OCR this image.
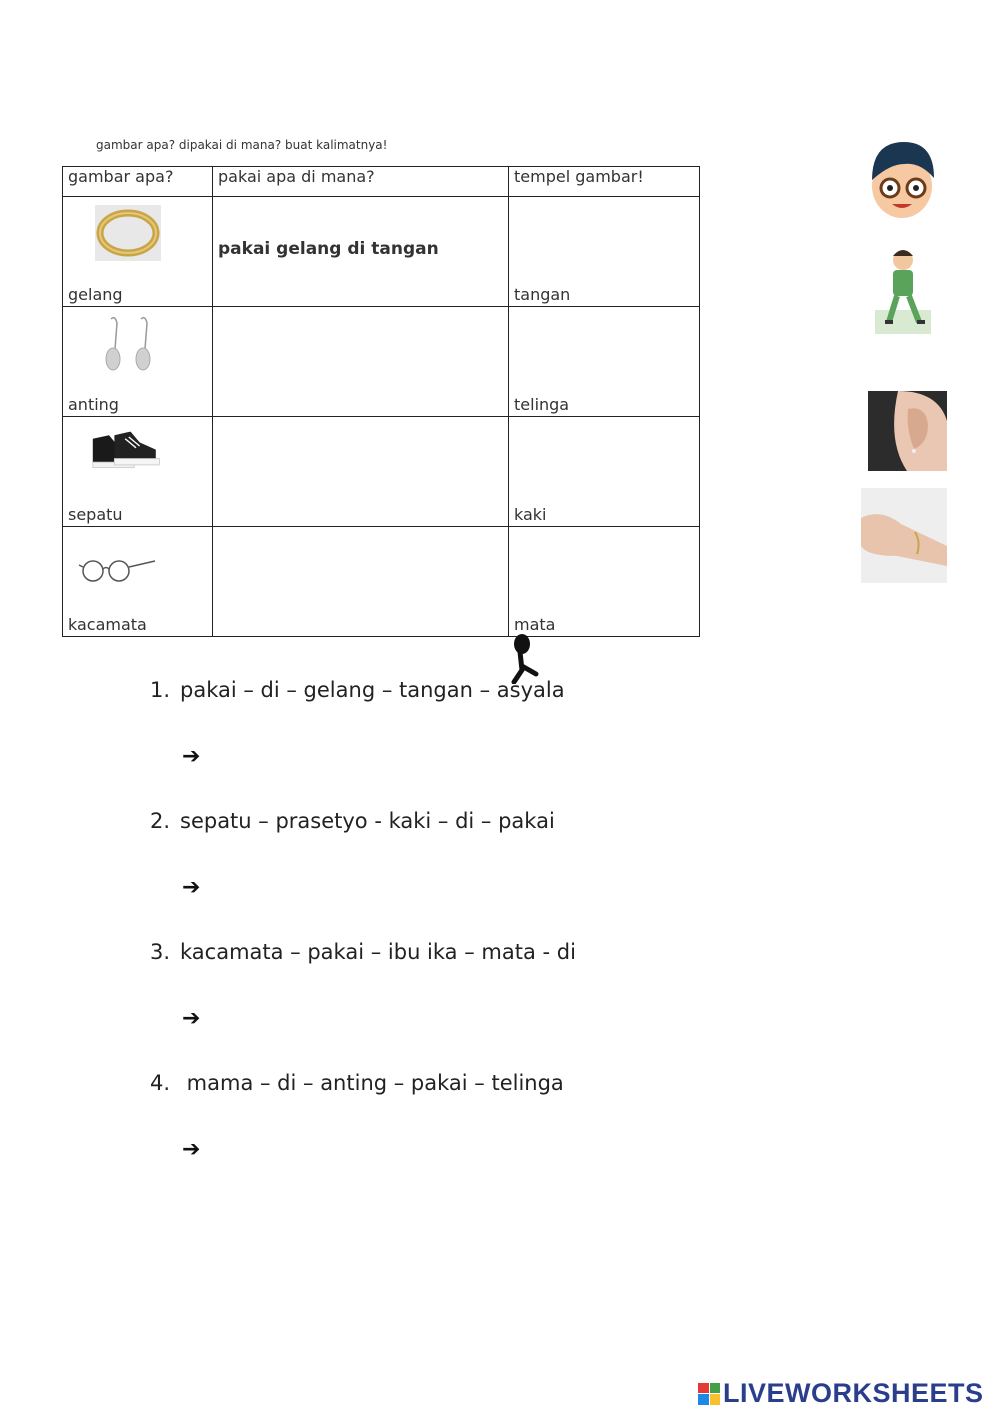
gambar apa? dipakai di mana? buat kalimatnya!
gambar apa?	pakai apa di mana?	tempel gambar!

gelang	pakai gelang di tangan	tangan

anting		telinga

sepatu		kaki

kacamata		mata
1. pakai – di – gelang – tangan – asyala
➔
2. sepatu – prasetyo - kaki – di – pakai
➔
3. kacamata – pakai – ibu ika – mata - di
➔
4. mama – di – anting – pakai – telinga
➔
LIVEWORKSHEETS
